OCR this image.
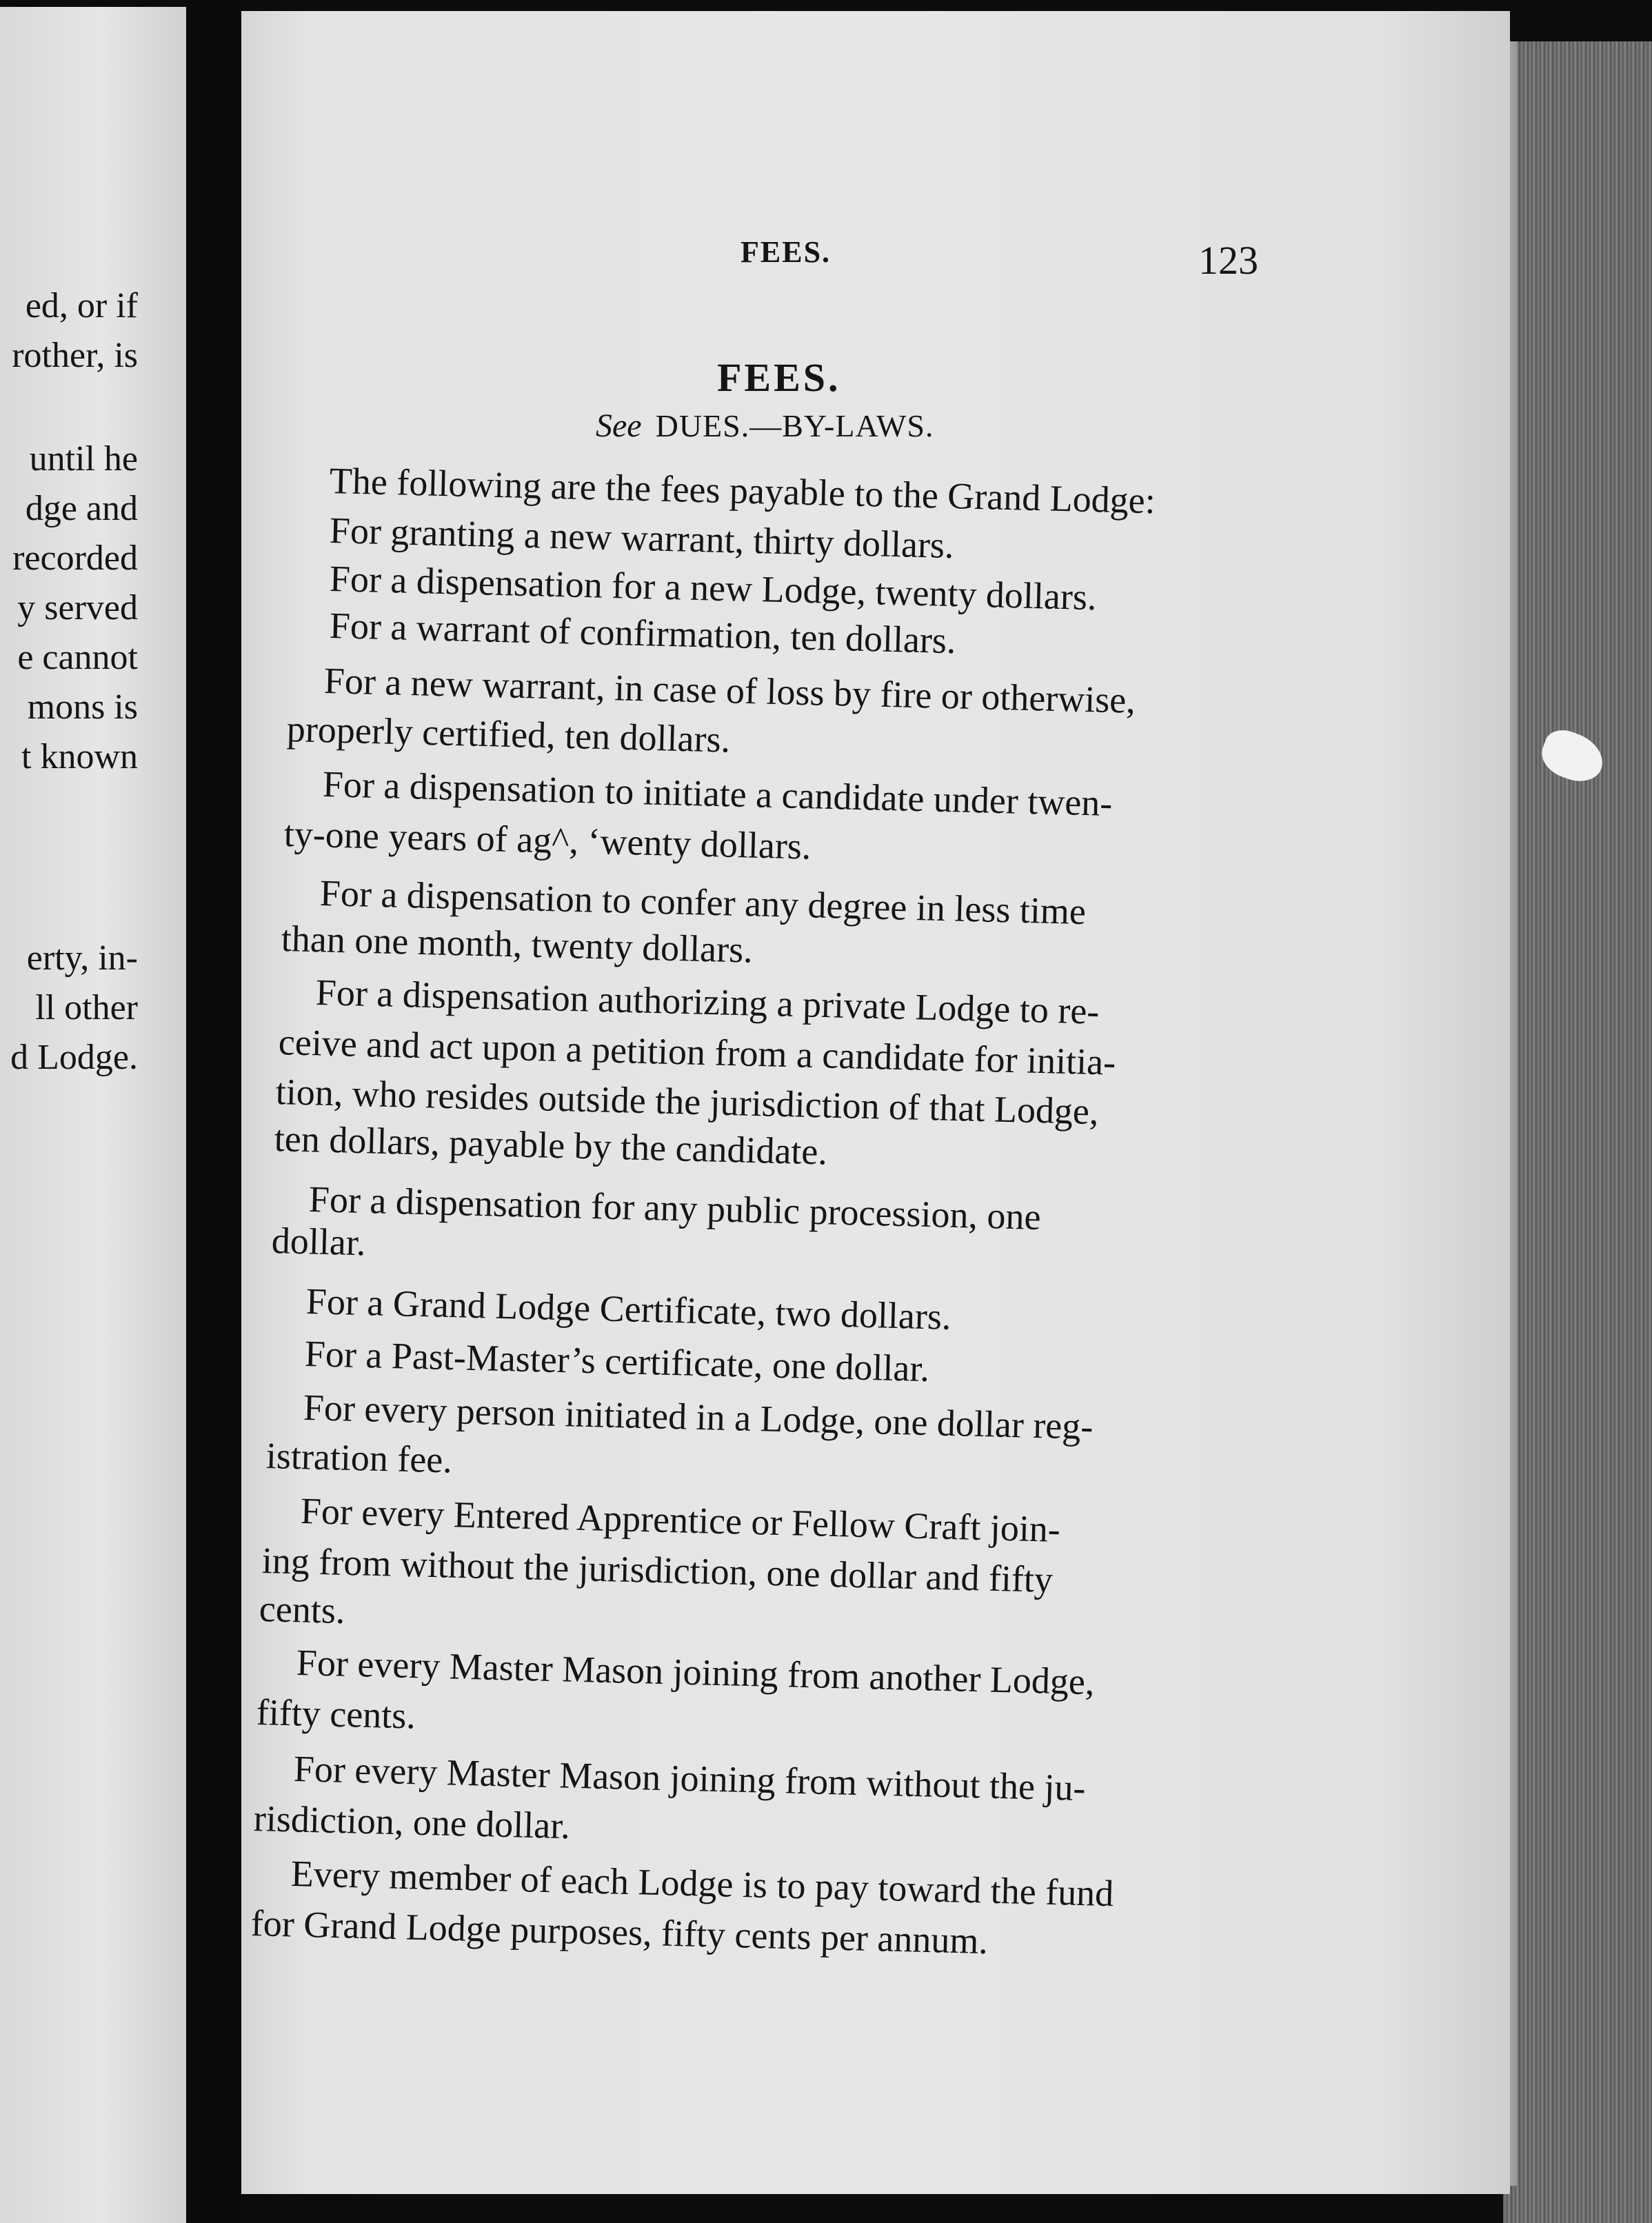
ed, or if
rother, is
until he
dge and
recorded
y served
e cannot
mons is
t known
erty, in-
ll other
d Lodge.
FEES.	123
FEES.
See DUES.—BY-LAWS.
The following are the fees payable to the Grand Lodge:
For granting a new warrant, thirty dollars.
For a dispensation for a new Lodge, twenty dollars.
For a warrant of confirmation, ten dollars.
For a new warrant, in case of loss by fire or otherwise,
properly certified, ten dollars.
For a dispensation to initiate a candidate under twen-
ty-one years of ag^, ‘wenty dollars.
For a dispensation to confer any degree in less time
than one month, twenty dollars.
For a dispensation authorizing a private Lodge to re-
ceive and act upon a petition from a candidate for initia-
tion, who resides outside the jurisdiction of that Lodge,
ten dollars, payable by the candidate.
For a dispensation for any public procession, one
dollar.
For a Grand Lodge Certificate, two dollars.
For a Past-Master’s certificate, one dollar.
For every person initiated in a Lodge, one dollar reg-
istration fee.
For every Entered Apprentice or Fellow Craft join-
ing from without the jurisdiction, one dollar and fifty
cents.
For every Master Mason joining from another Lodge,
fifty cents.
For every Master Mason joining from without the ju-
risdiction, one dollar.
Every member of each Lodge is to pay toward the fund
for Grand Lodge purposes, fifty cents per annum.
